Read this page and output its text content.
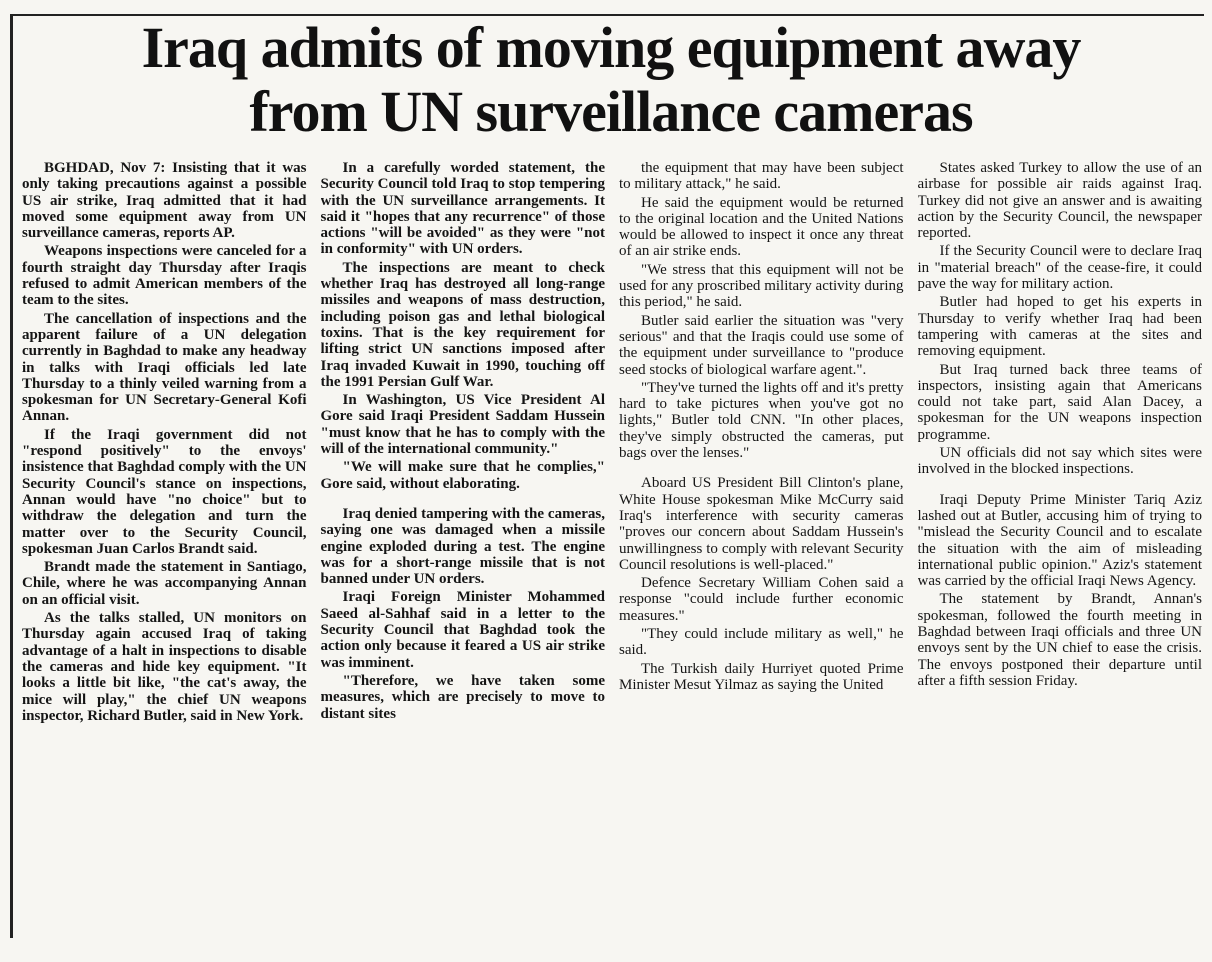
Iraq admits of moving equipment away
from UN surveillance cameras

BGHDAD, Nov 7: Insisting that it was only taking precautions against a possible US air strike, Iraq admitted that it had moved some equipment away from UN surveillance cameras, reports AP.

Weapons inspections were canceled for a fourth straight day Thursday after Iraqis refused to admit American members of the team to the sites.

The cancellation of inspections and the apparent failure of a UN delegation currently in Baghdad to make any headway in talks with Iraqi officials led late Thursday to a thinly veiled warning from a spokesman for UN Secretary-General Kofi Annan.

If the Iraqi government did not "respond positively" to the envoys' insistence that Baghdad comply with the UN Security Council's stance on inspections, Annan would have "no choice" but to withdraw the delegation and turn the matter over to the Security Council, spokesman Juan Carlos Brandt said.

Brandt made the statement in Santiago, Chile, where he was accompanying Annan on an official visit.

As the talks stalled, UN monitors on Thursday again accused Iraq of taking advantage of a halt in inspections to disable the cameras and hide key equipment. "It looks a little bit like, "the cat's away, the mice will play," the chief UN weapons inspector, Richard Butler, said in New York.

In a carefully worded statement, the Security Council told Iraq to stop tempering with the UN surveillance arrangements. It said it "hopes that any recurrence" of those actions "will be avoided" as they were "not in conformity" with UN orders.

The inspections are meant to check whether Iraq has destroyed all long-range missiles and weapons of mass destruction, including poison gas and lethal biological toxins. That is the key requirement for lifting strict UN sanctions imposed after Iraq invaded Kuwait in 1990, touching off the 1991 Persian Gulf War.

In Washington, US Vice President Al Gore said Iraqi President Saddam Hussein "must know that he has to comply with the will of the international community."

"We will make sure that he complies," Gore said, without elaborating.

Iraq denied tampering with the cameras, saying one was damaged when a missile engine exploded during a test. The engine was for a short-range missile that is not banned under UN orders.

Iraqi Foreign Minister Mohammed Saeed al-Sahhaf said in a letter to the Security Council that Baghdad took the action only because it feared a US air strike was imminent.

"Therefore, we have taken some measures, which are precisely to move to distant sites

the equipment that may have been subject to military attack," he said.

He said the equipment would be returned to the original location and the United Nations would be allowed to inspect it once any threat of an air strike ends.

"We stress that this equipment will not be used for any proscribed military activity during this period," he said.

Butler said earlier the situation was "very serious" and that the Iraqis could use some of the equipment under surveillance to "produce seed stocks of biological warfare agent.".

"They've turned the lights off and it's pretty hard to take pictures when you've got no lights," Butler told CNN. "In other places, they've simply obstructed the cameras, put bags over the lenses."

Aboard US President Bill Clinton's plane, White House spokesman Mike McCurry said Iraq's interference with security cameras "proves our concern about Saddam Hussein's unwillingness to comply with relevant Security Council resolutions is well-placed."

Defence Secretary William Cohen said a response "could include further economic measures."

"They could include military as well," he said.

The Turkish daily Hurriyet quoted Prime Minister Mesut Yilmaz as saying the United

States asked Turkey to allow the use of an airbase for possible air raids against Iraq. Turkey did not give an answer and is awaiting action by the Security Council, the newspaper reported.

If the Security Council were to declare Iraq in "material breach" of the cease-fire, it could pave the way for military action.

Butler had hoped to get his experts in Thursday to verify whether Iraq had been tampering with cameras at the sites and removing equipment.

But Iraq turned back three teams of inspectors, insisting again that Americans could not take part, said Alan Dacey, a spokesman for the UN weapons inspection programme.

UN officials did not say which sites were involved in the blocked inspections.

Iraqi Deputy Prime Minister Tariq Aziz lashed out at Butler, accusing him of trying to "mislead the Security Council and to escalate the situation with the aim of misleading international public opinion." Aziz's statement was carried by the official Iraqi News Agency.

The statement by Brandt, Annan's spokesman, followed the fourth meeting in Baghdad between Iraqi officials and three UN envoys sent by the UN chief to ease the crisis. The envoys postponed their departure until after a fifth session Friday.
